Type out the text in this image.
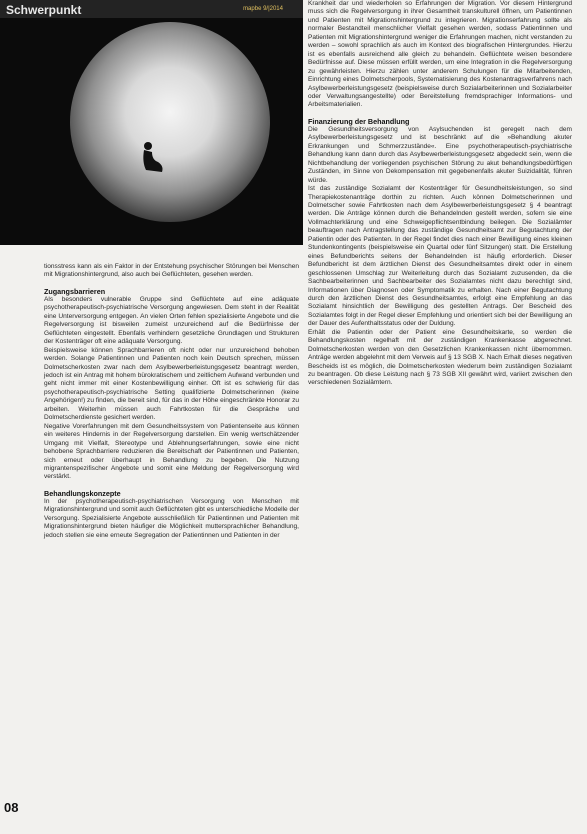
Schwerpunkt	mapbe 9/|2014

tionsstress kann als ein Faktor in der Entstehung psychischer Störungen bei Menschen mit Migrationshintergrund, also auch bei Geflüchteten, gesehen werden.

Zugangsbarrieren

Als besonders vulnerable Gruppe sind Geflüchtete auf eine adäquate psychotherapeutisch-psychiatrische Versorgung angewiesen. Dem steht in der Realität eine Unterversorgung entgegen. An vielen Orten fehlen spezialisierte Angebote und die Regelversorgung ist bisweilen zumeist unzureichend auf die Bedürfnisse der Geflüchteten eingestellt. Ebenfalls verhindern gesetzliche Grundlagen und Strukturen der Kostenträger oft eine adäquate Versorgung.

Beispielsweise können Sprachbarrieren oft nicht oder nur unzureichend behoben werden. Solange Patientinnen und Patienten noch kein Deutsch sprechen, müssen Dolmetscherkosten zwar nach dem Asylbewerberleistungsgesetz beantragt werden, jedoch ist ein Antrag mit hohem bürokratischem und zeitlichem Aufwand verbunden und geht nicht immer mit einer Kostenbewilligung einher. Oft ist es schwierig für das psychotherapeutisch-psychiatrische Setting qualifizierte Dolmetscherinnen (keine Angehörigen!) zu finden, die bereit sind, für das in der Höhe eingeschränkte Honorar zu arbeiten. Weiterhin müssen auch Fahrtkosten für die Gespräche und Dolmetscherdienste gesichert werden.

Negative Vorerfahrungen mit dem Gesundheitssystem von Patientenseite aus können ein weiteres Hindernis in der Regelversorgung darstellen. Ein wenig wertschätzender Umgang mit Vielfalt, Stereotype und Ablehnungserfahrungen, sowie eine nicht behobene Sprachbarriere reduzieren die Bereitschaft der Patientinnen und Patienten, sich erneut oder überhaupt in Behandlung zu begeben. Die Nutzung migrantenspezifischer Angebote und somit eine Meldung der Regelversorgung wird verstärkt.

Behandlungskonzepte

In der psychotherapeutisch-psychiatrischen Versorgung von Menschen mit Migrationshintergrund und somit auch Geflüchteten gibt es unterschiedliche Modelle der Versorgung. Spezialisierte Angebote ausschließlich für Patientinnen und Patienten mit Migrationshintergrund bieten häufiger die Möglichkeit muttersprachlicher Behandlung, jedoch stellen sie eine erneute Segregation der Patientinnen und Patienten in der

Krankheit dar und wiederholen so Erfahrungen der Migration. Vor diesem Hintergrund muss sich die Regelversorgung in ihrer Gesamtheit transkulturell öffnen, um Patientinnen und Patienten mit Migrationshintergrund zu integrieren. Migrationserfahrung sollte als normaler Bestandteil menschlicher Vielfalt gesehen werden, sodass Patientinnen und Patienten mit Migrationshintergrund weniger die Erfahrungen machen, nicht verstanden zu werden – sowohl sprachlich als auch im Kontext des biografischen Hintergrundes. Hierzu ist es ebenfalls ausreichend alle gleich zu behandeln. Geflüchtete weisen besondere Bedürfnisse auf. Diese müssen erfüllt werden, um eine Integration in die Regelversorgung zu gewährleisten. Hierzu zählen unter anderem Schulungen für die Mitarbeitenden, Einrichtung eines Dolmetscherpools, Systematisierung des Kostenantragsverfahrens nach Asylbewerberleistungsgesetz (beispielsweise durch Sozialarbeiterinnen und Sozialarbeiter oder Verwaltungsangestellte) oder Bereitstellung fremdsprachiger Informations- und Arbeitsmaterialien.

Finanzierung der Behandlung

Die Gesundheitsversorgung von Asylsuchenden ist geregelt nach dem Asylbewerberleistungsgesetz und ist beschränkt auf die »Behandlung akuter Erkrankungen und Schmerzzustände«. Eine psychotherapeutisch-psychiatrische Behandlung kann dann durch das Asylbewerberleistungsgesetz abgedeckt sein, wenn die Nichtbehandlung der vorliegenden psychischen Störung zu akut behandlungsbedürftigen Zuständen, im Sinne von Dekompensation mit gegebenenfalls akuter Suizidalität, führen würde.

Ist das zuständige Sozialamt der Kostenträger für Gesundheitsleistungen, so sind Therapiekostenanträge dorthin zu richten. Auch können Dolmetscherinnen und Dolmetscher sowie Fahrtkosten nach dem Asylbewerberleistungsgesetz § 4 beantragt werden. Die Anträge können durch die Behandelnden gestellt werden, sofern sie eine Vollmachterklärung und eine Schweigepflichtsentbindung beilegen. Die Sozialämter beauftragen nach Antragstellung das zuständige Gesundheitsamt zur Begutachtung der Patientin oder des Patienten. In der Regel findet dies nach einer Bewilligung eines kleinen Stundenkontingents (beispielsweise ein Quartal oder fünf Sitzungen) statt. Die Erstellung eines Befundberichts seitens der Behandelnden ist häufig erforderlich. Dieser Befundbericht ist dem ärztlichen Dienst des Gesundheitsamtes direkt oder in einem geschlossenen Umschlag zur Weiterleitung durch das Sozialamt zuzusenden, da die Sachbearbeiterinnen und Sachbearbeiter des Sozialamtes nicht dazu berechtigt sind, Informationen über Diagnosen oder Symptomatik zu erhalten. Nach einer Begutachtung durch den ärztlichen Dienst des Gesundheitsamtes, erfolgt eine Empfehlung an das Sozialamt hinsichtlich der Bewilligung des gestellten Antrags. Der Bescheid des Sozialamtes folgt in der Regel dieser Empfehlung und orientiert sich bei der Bewilligung an der Dauer des Aufenthaltsstatus oder der Duldung.

Erhält die Patientin oder der Patient eine Gesundheitskarte, so werden die Behandlungskosten regelhaft mit der zuständigen Krankenkasse abgerechnet. Dolmetscherkosten werden von den Gesetzlichen Krankenkassen nicht übernommen. Anträge werden abgelehnt mit dem Verweis auf § 13 SGB X. Nach Erhalt dieses negativen Bescheids ist es möglich, die Dolmetscherkosten wiederum beim zuständigen Sozialamt zu beantragen. Ob diese Leistung nach § 73 SGB XII gewährt wird, variiert zwischen den verschiedenen Sozialämtern.

08
